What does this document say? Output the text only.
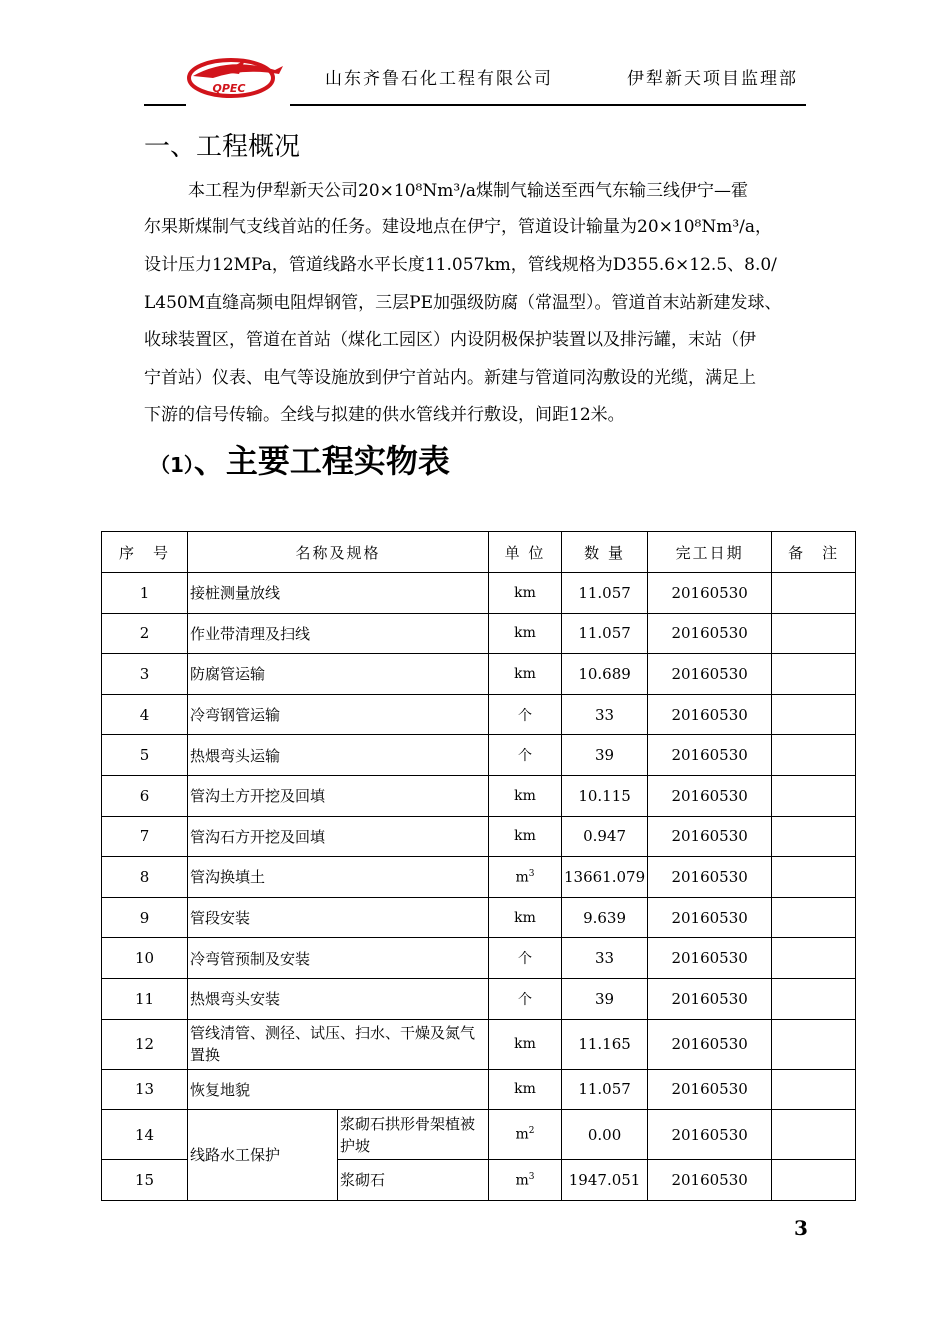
QPEC	山东齐鲁石化工程有限公司	伊犁新天项目监理部
一、工程概况
本工程为伊犁新天公司20×10⁸Nm³/a煤制气输送至西气东输三线伊宁—霍
尔果斯煤制气支线首站的任务。建设地点在伊宁，管道设计输量为20×10⁸Nm³/a，
设计压力12MPa，管道线路水平长度11.057km，管线规格为D355.6×12.5、8.0/
L450M直缝高频电阻焊钢管，三层PE加强级防腐（常温型）。管道首末站新建发球、
收球装置区，管道在首站（煤化工园区）内设阴极保护装置以及排污罐，末站（伊
宁首站）仪表、电气等设施放到伊宁首站内。新建与管道同沟敷设的光缆，满足上
下游的信号传输。全线与拟建的供水管线并行敷设，间距12米。
（1）、主要工程实物表
序　号	名称及规格		单 位	数 量	完工日期	备　注
1	接桩测量放线		km	11.057	20160530	
2	作业带清理及扫线		km	11.057	20160530	
3	防腐管运输		km	10.689	20160530	
4	冷弯钢管运输		个	33	20160530	
5	热煨弯头运输		个	39	20160530	
6	管沟土方开挖及回填		km	10.115	20160530	
7	管沟石方开挖及回填		km	0.947	20160530	
8	管沟换填土		$m^3$	13661.079	20160530	
9	管段安装		km	9.639	20160530	
10	冷弯管预制及安装		个	33	20160530	
11	热煨弯头安装		个	39	20160530	
12	管线清管、测径、试压、扫水、干燥及氮气置换		km	11.165	20160530	
13	恢复地貌		km	11.057	20160530	
14	线路水工保护	浆砌石拱形骨架植被护坡	$m^2$	0.00	20160530	
15		浆砌石	$m^3$	1947.051	20160530	
3
